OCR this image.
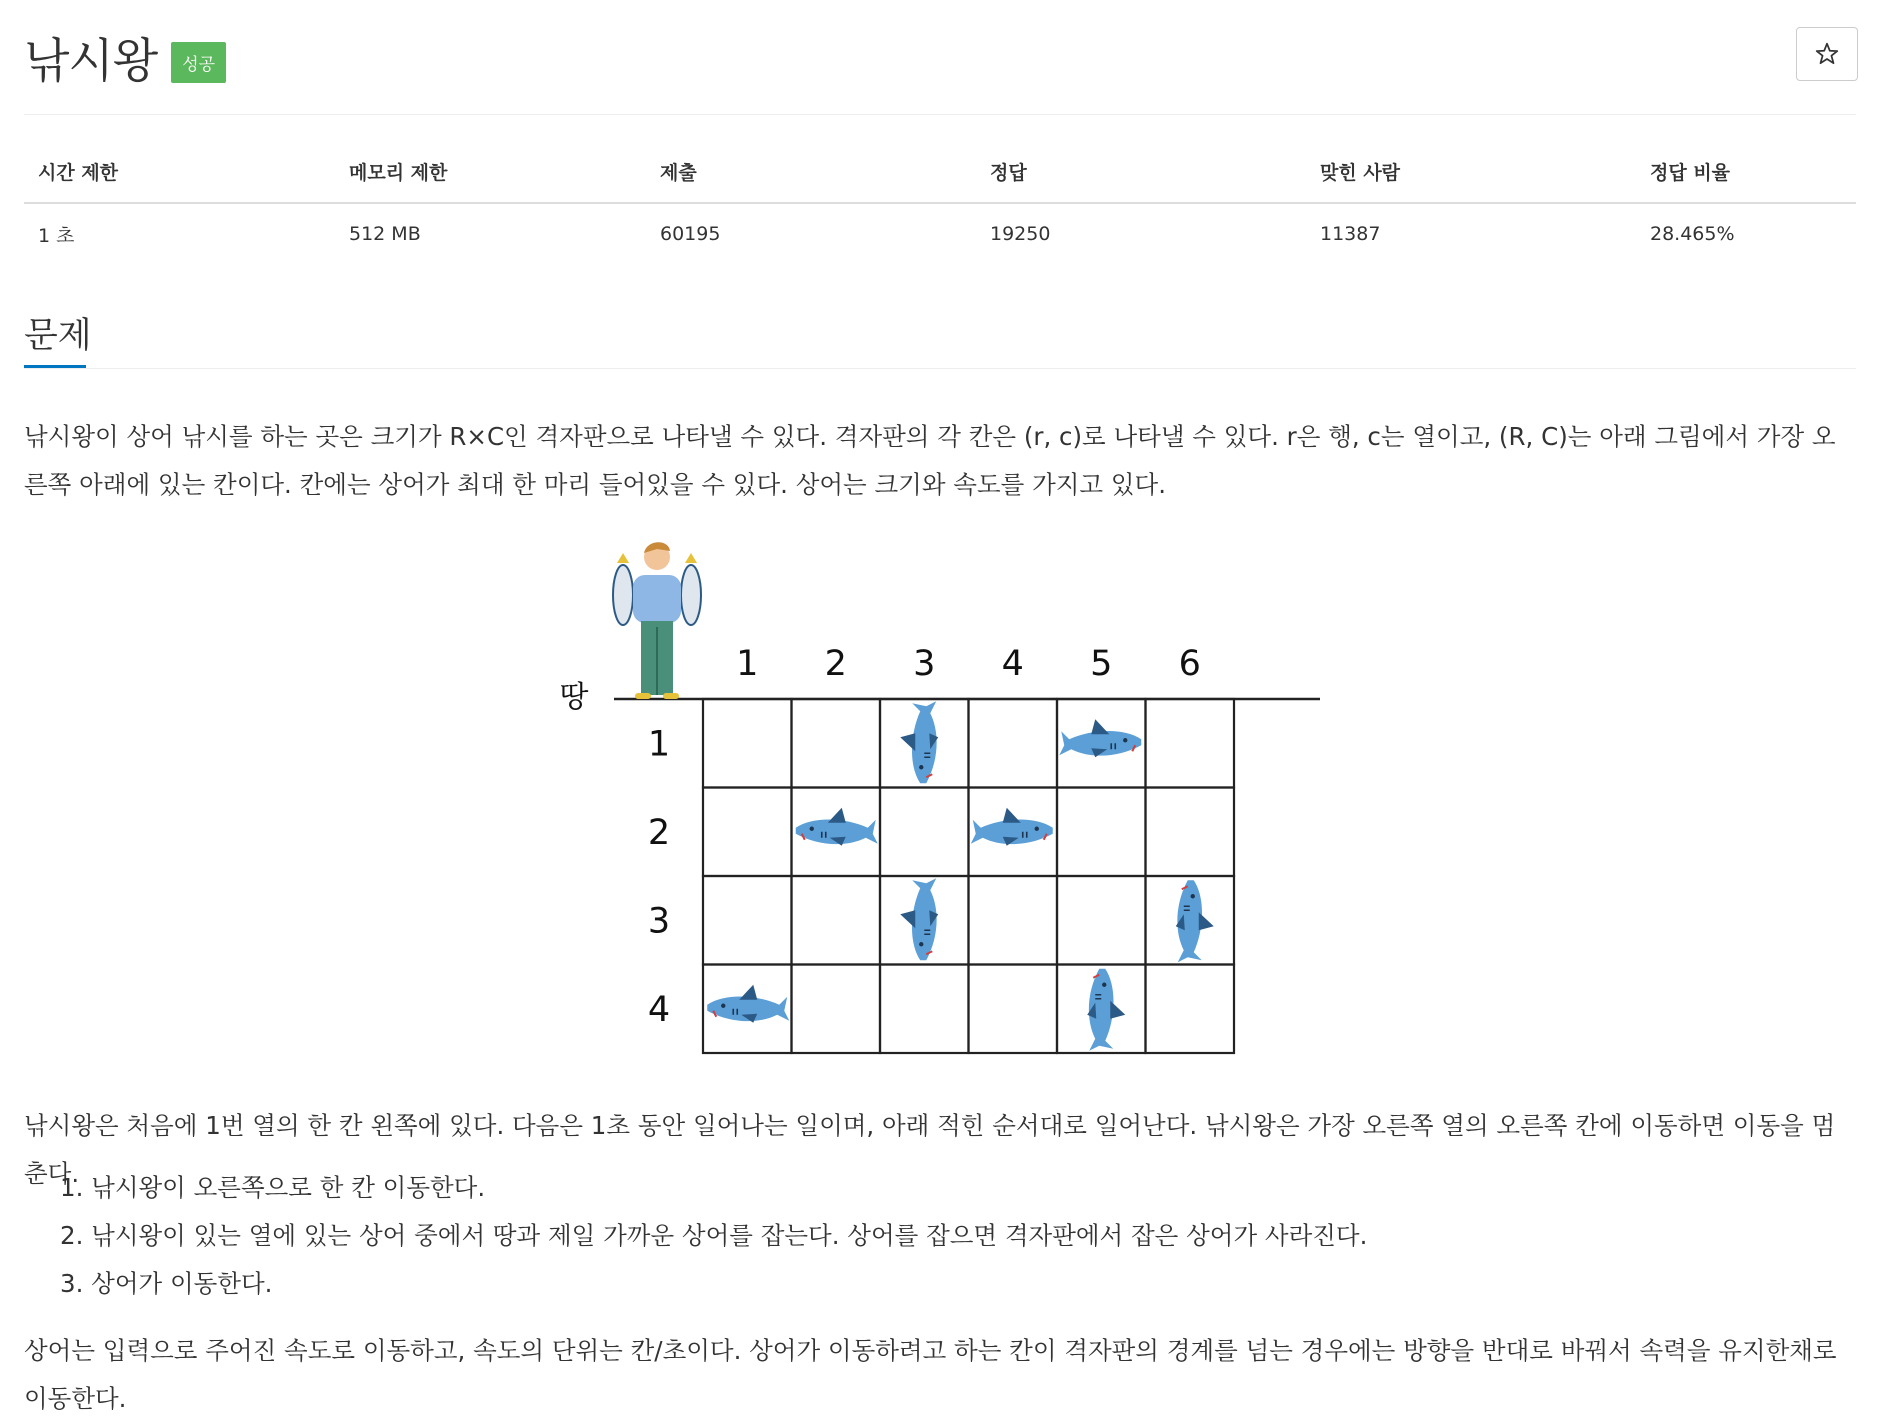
낚시왕	성공
시간 제한	메모리 제한	제출	정답	맞힌 사람	정답 비율
1 초	512 MB	60195	19250	11387	28.465%
문제

낚시왕이 상어 낚시를 하는 곳은 크기가 R×C인 격자판으로 나타낼 수 있다. 격자판의 각 칸은 (r, c)로 나타낼 수 있다. r은 행, c는 열이고, (R, C)는 아래 그림에서 가장 오른쪽 아래에 있는 칸이다. 칸에는 상어가 최대 한 마리 들어있을 수 있다. 상어는 크기와 속도를 가지고 있다.

1 2 3 4 5 6
1
2
3
4
땅

낚시왕은 처음에 1번 열의 한 칸 왼쪽에 있다. 다음은 1초 동안 일어나는 일이며, 아래 적힌 순서대로 일어난다. 낚시왕은 가장 오른쪽 열의 오른쪽 칸에 이동하면 이동을 멈춘다.

1. 낚시왕이 오른쪽으로 한 칸 이동한다.
2. 낚시왕이 있는 열에 있는 상어 중에서 땅과 제일 가까운 상어를 잡는다. 상어를 잡으면 격자판에서 잡은 상어가 사라진다.
3. 상어가 이동한다.

상어는 입력으로 주어진 속도로 이동하고, 속도의 단위는 칸/초이다. 상어가 이동하려고 하는 칸이 격자판의 경계를 넘는 경우에는 방향을 반대로 바꿔서 속력을 유지한채로 이동한다.
